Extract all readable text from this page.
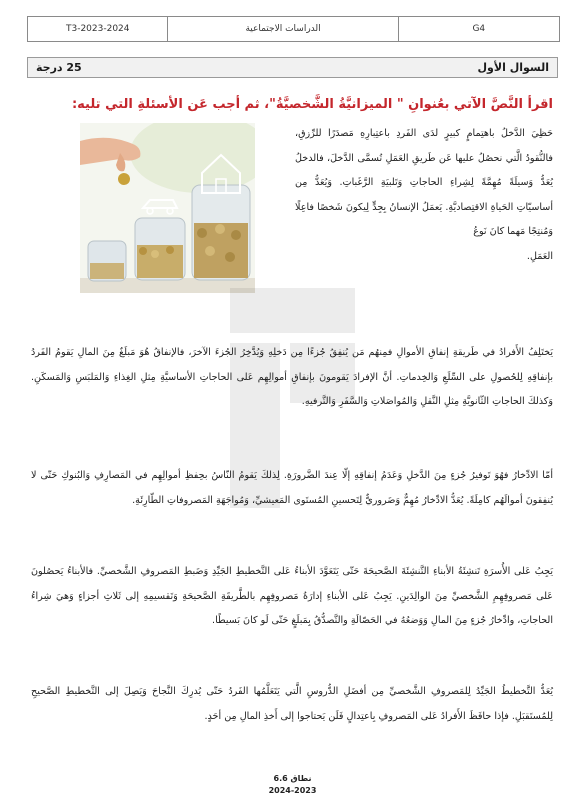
T3-2023-2024	الدراسات الاجتماعية	G4
25 درجة	السوال الأول
اقرأ النَّصَّ الآتي بعُنوانِ " الميزانيَّةُ الشَّخصيَّةُ"، ثم أجب عَن الأسئلةِ التي تليه:
حَظِيَ الدَّخلُ باهتِمامٍ كبيرٍ لدَى الفَردِ باعتِبارِهِ مَصدَرًا للرِّزقِ، فالنُّقودُ الَّتي نحصُلُ عليها عَن طَريقِ العَمَلِ تُسمَّى الدَّخلَ، فالدخلُ يُعَدُّ وَسيلَةً مُهِمَّةً لِشِراءِ الحاجاتِ وَتَلبيَةِ الرَّغَباتِ. وَيُعَدُّ مِن أساسيّاتِ الحَياةِ الاقتِصاديَّةِ. يَعمَلُ الإنسانُ بِجِدٍّ لِيكونَ شَخصًا فاعِلًا وَمُنتِجًا مَهما كانَ نَوعُ
العَمَلِ.
يَختَلِفُ الأَفرادُ في طَريقةِ إنفاقِ الأموالِ فمِنهُم مَن يُنفِقُ جُزءًا مِن دَخلِهِ وَيُدَّخِرُ الجُزءَ الآخرَ، فالإنفاقُ هُوَ مَبلَغٌ مِنَ المالِ يَقومُ الفَردُ بإنفاقِهِ لِلحُصولِ على السِّلَعِ وَالخِدماتِ. أنَّ الإفرادَ يَقومونَ بإنفاقِ أموالِهِم عَلى الحاجاتِ الأساسيَّةِ مِثلِ الغِذاءِ وَالمَلبَسِ وَالمَسكَنِ. وَكذلكَ الحاجاتِ الثّانويَّةِ مِثلِ النَّقلِ وَالمُواصَلاتِ وَالسَّفَرِ وَالتَّرفيهِ.
أمّا الادِّخارُ فهُوَ تَوفيرُ جُزءٍ مِنَ الدَّخلِ وَعَدَمُ إنفاقِهِ إلّا عِندَ الضَّرورَةِ. لِذلكَ يَقومُ النّاسُ بحِفظِ أموالِهِم في المَصارِفِ وَالبُنوكِ حَتّى لا يُنفِقونَ أموالَهُم كامِلَةً. يُعَدُّ الادِّخارُ مُهِمٌّ وَضَروريٌّ لِتَحسينِ المُستَوى المَعيشيِّ، وَمُواجَهَةِ المَصروفاتِ الطّارِئَةِ.
يَجِبُ عَلى الأُسرَةِ تَنشِئَةُ الأبناءِ التَّنشِئَةَ الصَّحيحَةَ حَتّى يَتَعَوَّدَ الأبناءُ عَلى التَّخطيطِ الجَيِّدِ وَضَبطِ المَصروفِ الشَّخصيِّ. فالأبناءُ يَحصُلونَ عَلى مَصروفِهِمِ الشَّخصيِّ مِنَ الوالِدَينِ. يَجِبُ عَلى الأبناءِ إدارَةُ مَصروفِهِم بالطَّريقَةِ الصَّحيحَةِ وَتَقسيمِهِ إلى ثَلاثِ أجزاءٍ وَهيَ شِراءُ الحاجاتِ، وادِّخارُ جُزءٍ مِنَ المالِ وَوَضعُهُ في الحَصّالَةِ والتَّصدُّقُ بِمَبلَغٍ حَتّى لَو كانَ بَسيطًا.
يُعَدُّ التَّخطيطُ الجَيِّدُ لِلمَصروفِ الشَّخصيِّ مِن أفضَلِ الدُّروسِ الَّتي يَتَعَلَّمُها الفَردُ حَتّى يُدرِكَ النَّجاحَ وَيَصِلَ إلى التَّخطيطِ الصَّحيحِ لِلمُستَقبَلِ. فإذا حافَظَ الأَفرادُ عَلى المَصروفِ بِاعتِدالٍ فَلَن يَحتاجوا إلى أَخذِ المالِ مِن أحَدٍ.
نطاق 6.6
2024-2023
